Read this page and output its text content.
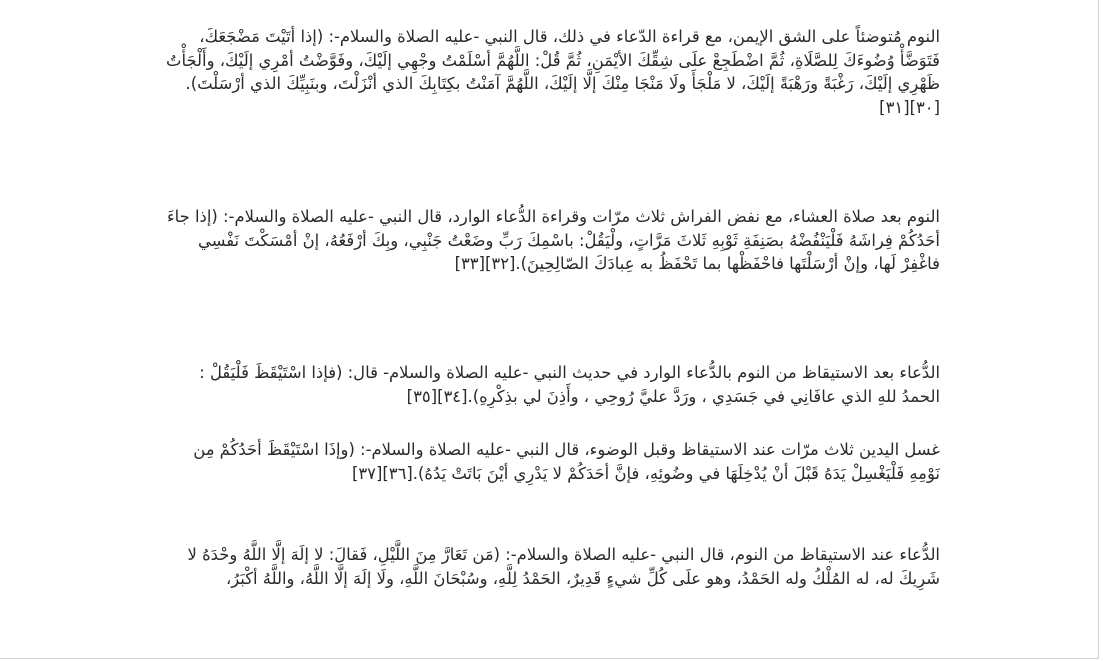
النوم مُتوضئاً على الشق الإيمن، مع قراءة الدّعاء في ذلك، قال النبي -عليه الصلاة والسلام-: (إذا أتَيْتَ مَضْجَعَكَ، فَتَوَضَّأْ وُضُوءَكَ لِلصَّلَاةِ، ثُمَّ اضْطَجِعْ علَى شِقِّكَ الأيْمَنِ، ثُمَّ قُلْ: اللَّهُمَّ أسْلَمْتُ وجْهِي إلَيْكَ، وفَوَّضْتُ أمْرِي إلَيْكَ، وأَلْجَأْتُ ظَهْرِي إلَيْكَ، رَغْبَةً ورَهْبَةً إلَيْكَ، لا مَلْجَأَ ولَا مَنْجَا مِنْكَ إلَّا إلَيْكَ، اللَّهُمَّ آمَنْتُ بكِتَابِكَ الذي أنْزَلْتَ، وبنَبِيِّكَ الذي أرْسَلْتَ).[٣٠][٣١]

النوم بعد صلاة العشاء، مع نفض الفراش ثلاث مرّات وقراءة الدُّعاء الوارد، قال النبي -عليه الصلاة والسلام-: (إذا جاءَ أحَدُكُمْ فِراشَهُ فَلْيَنْفُضْهُ بصَنِفَةِ ثَوْبِهِ ثَلاثَ مَرَّاتٍ، ولْيَقُلْ: باسْمِكَ رَبِّ وضَعْتُ جَنْبِي، وبِكَ أرْفَعُهُ، إنْ أمْسَكْتَ نَفْسِي فاغْفِرْ لَها، وإنْ أرْسَلْتَها فاحْفَظْها بما تَحْفَظُ به عِبادَكَ الصّالِحِينَ).[٣٢][٣٣]

الدُّعاء بعد الاستيقاظ من النوم بالدُّعاء الوارد في حديث النبي -عليه الصلاة والسلام- قال: (فإذا اسْتَيْقَظَ فَلْيَقُلْ : الحمدُ للهِ الذي عافَانِي في جَسَدِي ، ورَدَّ عليَّ رُوحِي ، وأَذِنَ لي بذِكْرِهِ).[٣٤][٣٥]

غسل اليدين ثلاث مرّات عند الاستيقاظ وقبل الوضوء، قال النبي -عليه الصلاة والسلام-: (وإذَا اسْتَيْقَظَ أحَدُكُمْ مِن نَوْمِهِ فَلْيَغْسِلْ يَدَهُ قَبْلَ أنْ يُدْخِلَهَا في وضُوئِهِ، فإنَّ أحَدَكُمْ لا يَدْرِي أيْنَ بَاتَتْ يَدُهُ).[٣٦][٣٧]

الدُّعاء عند الاستيقاظ من النوم، قال النبي -عليه الصلاة والسلام-: (مَن تَعَارَّ مِنَ اللَّيْلِ، فَقالَ: لا إلَهَ إلَّا اللَّهُ وحْدَهُ لا شَرِيكَ له، له المُلْكُ وله الحَمْدُ، وهو علَى كُلِّ شيءٍ قَدِيرٌ، الحَمْدُ لِلَّهِ، وسُبْحَانَ اللَّهِ، ولَا إلَهَ إلَّا اللَّهُ، واللَّهُ أكْبَرُ،
